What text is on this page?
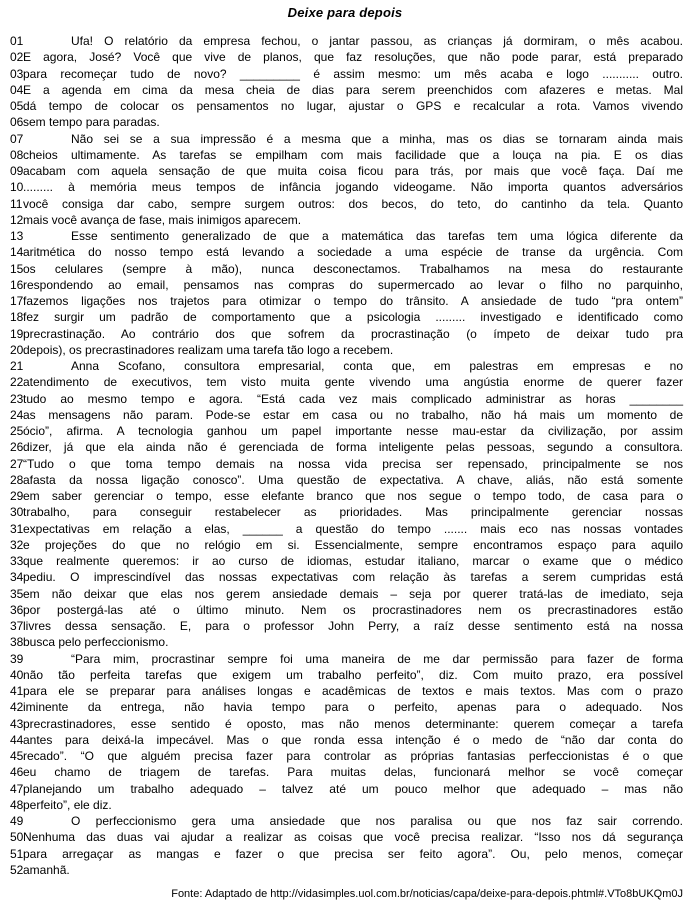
Deixe para depois
01	Ufa! O relatório da empresa fechou, o jantar passou, as crianças já dormiram, o mês acabou.
02 E agora, José? Você que vive de planos, que faz resoluções, que não pode parar, está preparado
03 para recomeçar tudo de novo? _________ é assim mesmo: um mês acaba e logo ........... outro.
04 E a agenda em cima da mesa cheia de dias para serem preenchidos com afazeres e metas. Mal
05 dá tempo de colocar os pensamentos no lugar, ajustar o GPS e recalcular a rota. Vamos vivendo
06 sem tempo para paradas.
07	Não sei se a sua impressão é a mesma que a minha, mas os dias se tornaram ainda mais
08 cheios ultimamente. As tarefas se empilham com mais facilidade que a louça na pia. E os dias
09 acabam com aquela sensação de que muita coisa ficou para trás, por mais que você faça. Daí me
10 ......... à memória meus tempos de infância jogando videogame. Não importa quantos adversários
11 você consiga dar cabo, sempre surgem outros: dos becos, do teto, do cantinho da tela. Quanto
12 mais você avança de fase, mais inimigos aparecem.
13	Esse sentimento generalizado de que a matemática das tarefas tem uma lógica diferente da
14 aritmética do nosso tempo está levando a sociedade a uma espécie de transe da urgência. Com
15 os celulares (sempre à mão), nunca desconectamos. Trabalhamos na mesa do restaurante
16 respondendo ao email, pensamos nas compras do supermercado ao levar o filho no parquinho,
17 fazemos ligações nos trajetos para otimizar o tempo do trânsito. A ansiedade de tudo “pra ontem”
18 fez surgir um padrão de comportamento que a psicologia ......... investigado e identificado como
19 precrastinação. Ao contrário dos que sofrem da procrastinação (o ímpeto de deixar tudo pra
20 depois), os precrastinadores realizam uma tarefa tão logo a recebem.
21	Anna Scofano, consultora empresarial, conta que, em palestras em empresas e no
22 atendimento de executivos, tem visto muita gente vivendo uma angústia enorme de querer fazer
23 tudo ao mesmo tempo e agora. “Está cada vez mais complicado administrar as horas ________
24 as mensagens não param. Pode-se estar em casa ou no trabalho, não há mais um momento de
25 ócio”, afirma. A tecnologia ganhou um papel importante nesse mau-estar da civilização, por assim
26 dizer, já que ela ainda não é gerenciada de forma inteligente pelas pessoas, segundo a consultora.
27 “Tudo o que toma tempo demais na nossa vida precisa ser repensado, principalmente se nos
28 afasta da nossa ligação conosco”. Uma questão de expectativa. A chave, aliás, não está somente
29 em saber gerenciar o tempo, esse elefante branco que nos segue o tempo todo, de casa para o
30 trabalho, para conseguir restabelecer as prioridades. Mas principalmente gerenciar nossas
31 expectativas em relação a elas, ______ a questão do tempo ....... mais eco nas nossas vontades
32 e projeções do que no relógio em si. Essencialmente, sempre encontramos espaço para aquilo
33 que realmente queremos: ir ao curso de idiomas, estudar italiano, marcar o exame que o médico
34 pediu. O imprescindível das nossas expectativas com relação às tarefas a serem cumpridas está
35 em não deixar que elas nos gerem ansiedade demais – seja por querer tratá-las de imediato, seja
36 por postergá-las até o último minuto. Nem os procrastinadores nem os precrastinadores estão
37 livres dessa sensação. E, para o professor John Perry, a raíz desse sentimento está na nossa
38 busca pelo perfeccionismo.
39	“Para mim, procrastinar sempre foi uma maneira de me dar permissão para fazer de forma
40 não tão perfeita tarefas que exigem um trabalho perfeito”, diz. Com muito prazo, era possível
41 para ele se preparar para análises longas e acadêmicas de textos e mais textos. Mas com o prazo
42 iminente da entrega, não havia tempo para o perfeito, apenas para o adequado. Nos
43 precrastinadores, esse sentido é oposto, mas não menos determinante: querem começar a tarefa
44 antes para deixá-la impecável. Mas o que ronda essa intenção é o medo de “não dar conta do
45 recado”. “O que alguém precisa fazer para controlar as próprias fantasias perfeccionistas é o que
46 eu chamo de triagem de tarefas. Para muitas delas, funcionará melhor se você começar
47 planejando um trabalho adequado – talvez até um pouco melhor que adequado – mas não
48 perfeito”, ele diz.
49	O perfeccionismo gera uma ansiedade que nos paralisa ou que nos faz sair correndo.
50 Nenhuma das duas vai ajudar a realizar as coisas que você precisa realizar. “Isso nos dá segurança
51 para arregaçar as mangas e fazer o que precisa ser feito agora”. Ou, pelo menos, começar
52 amanhã.
Fonte: Adaptado de http://vidasimples.uol.com.br/noticias/capa/deixe-para-depois.phtml#.VTo8bUKQm0J
